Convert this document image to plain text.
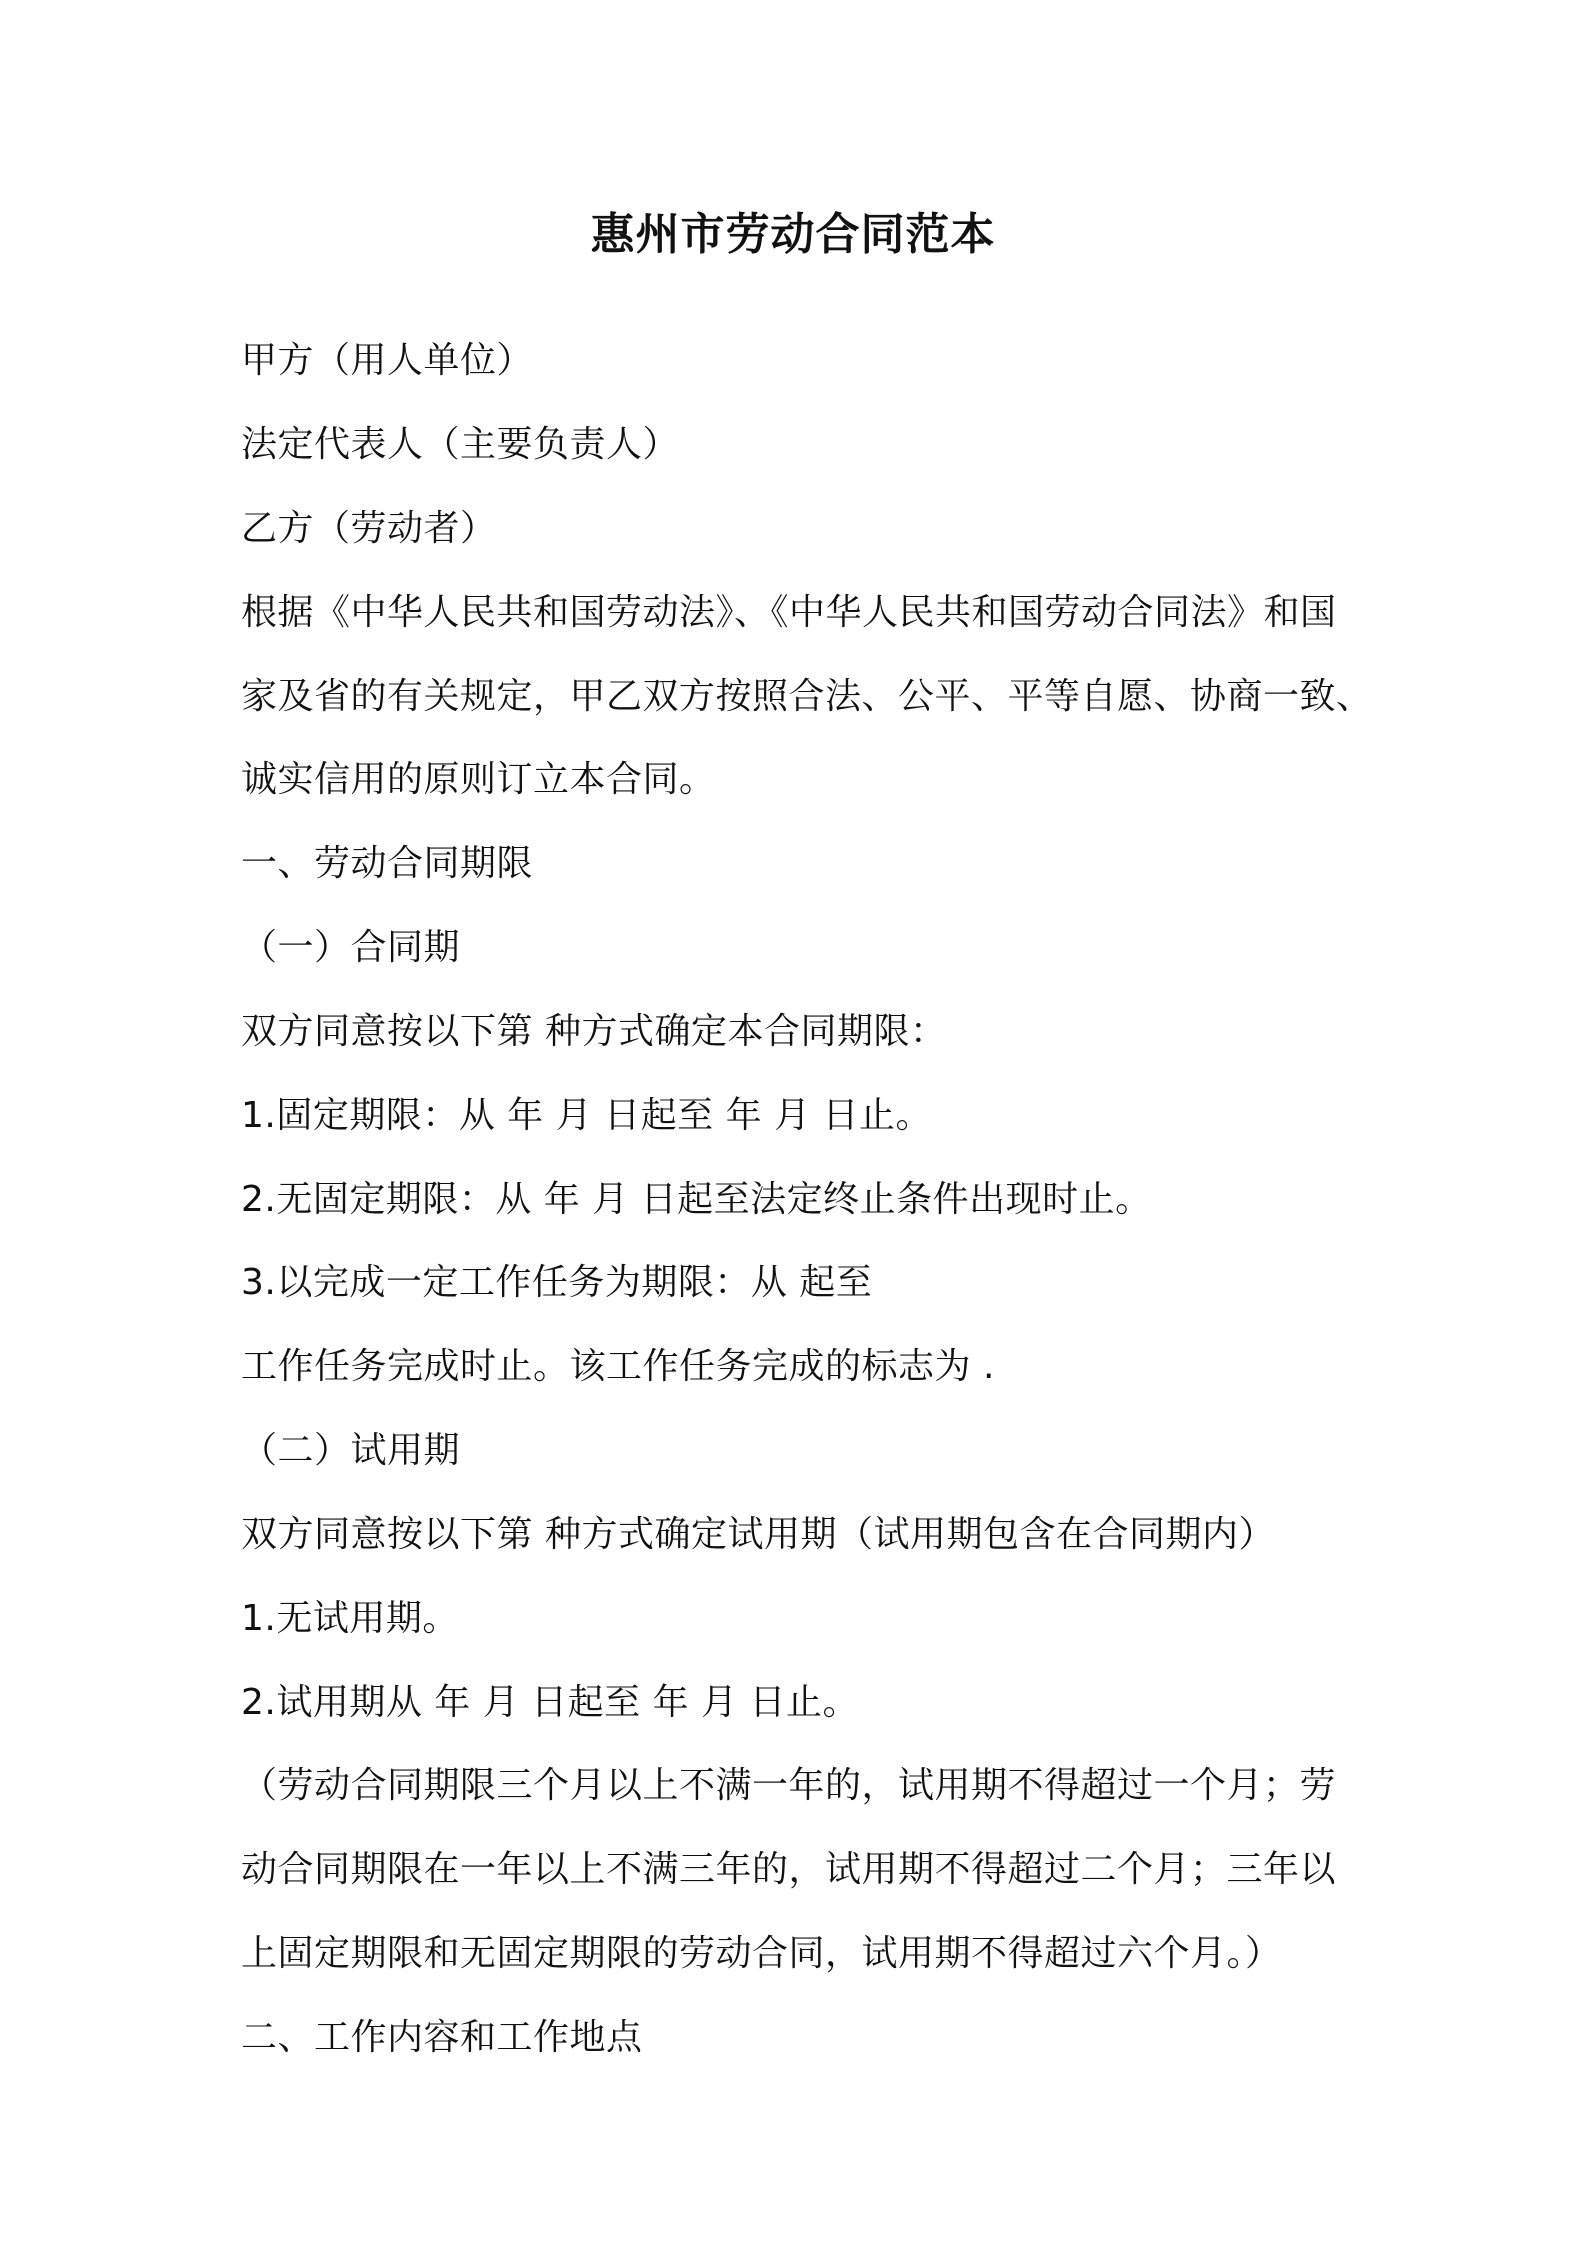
惠州市劳动合同范本
甲方（用人单位）
法定代表人（主要负责人）
乙方（劳动者）
根据《中华人民共和国劳动法》、《中华人民共和国劳动合同法》和国
家及省的有关规定，甲乙双方按照合法、公平、平等自愿、协商一致、
诚实信用的原则订立本合同。
一、劳动合同期限
（一）合同期
双方同意按以下第 种方式确定本合同期限：
1.固定期限：从 年 月 日起至 年 月 日止。
2.无固定期限：从 年 月 日起至法定终止条件出现时止。
3.以完成一定工作任务为期限：从 起至
工作任务完成时止。该工作任务完成的标志为 .
（二）试用期
双方同意按以下第 种方式确定试用期（试用期包含在合同期内）
1.无试用期。
2.试用期从 年 月 日起至 年 月 日止。
（劳动合同期限三个月以上不满一年的，试用期不得超过一个月；劳
动合同期限在一年以上不满三年的，试用期不得超过二个月；三年以
上固定期限和无固定期限的劳动合同，试用期不得超过六个月。）
二、工作内容和工作地点
